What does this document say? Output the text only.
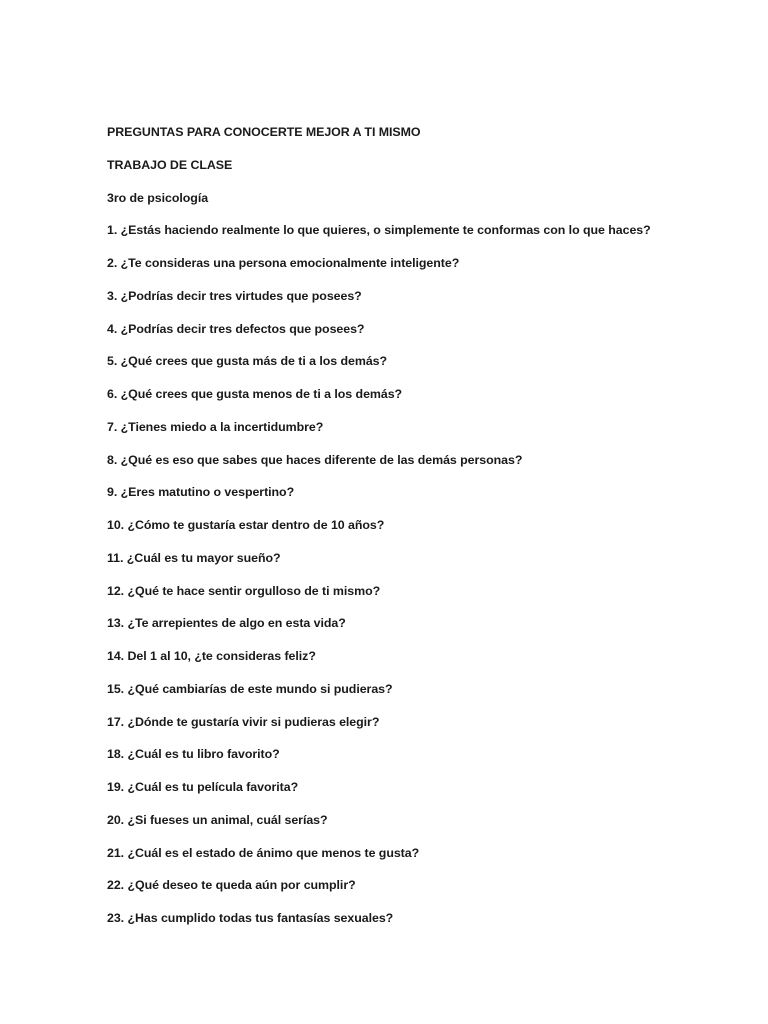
PREGUNTAS PARA CONOCERTE MEJOR A TI MISMO
TRABAJO DE CLASE
3ro de psicología
1. ¿Estás haciendo realmente lo que quieres, o simplemente te conformas con lo que haces?
2. ¿Te consideras una persona emocionalmente inteligente?
3. ¿Podrías decir tres virtudes que posees?
4. ¿Podrías decir tres defectos que posees?
5. ¿Qué crees que gusta más de ti a los demás?
6. ¿Qué crees que gusta menos de ti a los demás?
7. ¿Tienes miedo a la incertidumbre?
8. ¿Qué es eso que sabes que haces diferente de las demás personas?
9. ¿Eres matutino o vespertino?
10. ¿Cómo te gustaría estar dentro de 10 años?
11. ¿Cuál es tu mayor sueño?
12. ¿Qué te hace sentir orgulloso de ti mismo?
13. ¿Te arrepientes de algo en esta vida?
14. Del 1 al 10, ¿te consideras feliz?
15. ¿Qué cambiarías de este mundo si pudieras?
17. ¿Dónde te gustaría vivir si pudieras elegir?
18. ¿Cuál es tu libro favorito?
19. ¿Cuál es tu película favorita?
20. ¿Si fueses un animal, cuál serías?
21. ¿Cuál es el estado de ánimo que menos te gusta?
22. ¿Qué deseo te queda aún por cumplir?
23. ¿Has cumplido todas tus fantasías sexuales?
